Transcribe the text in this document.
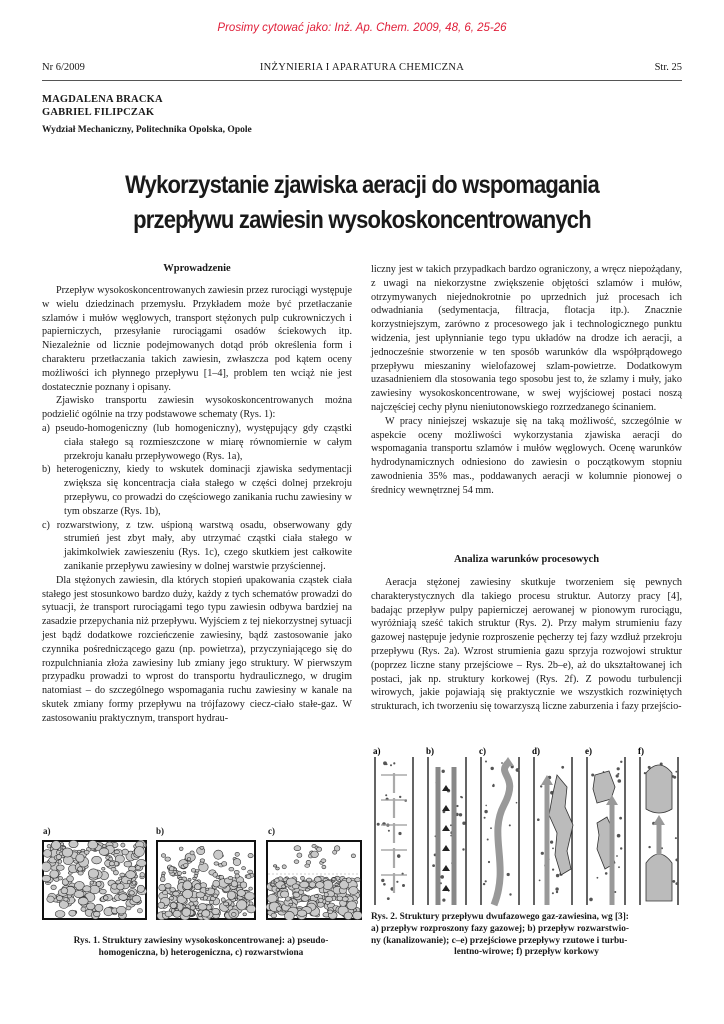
Prosimy cytować jako: Inż. Ap. Chem. 2009, 48, 6, 25-26
Nr 6/2009	INŻYNIERIA I APARATURA CHEMICZNA	Str. 25
MAGDALENA BRACKA
GABRIEL FILIPCZAK
Wydział Mechaniczny, Politechnika Opolska, Opole
Wykorzystanie zjawiska aeracji do wspomagania
przepływu zawiesin wysokoskoncentrowanych
Wprowadzenie

Przepływ wysokoskoncentrowanych zawiesin przez rurociągi występuje w wielu dziedzinach przemysłu. Przykładem może być przetłaczanie szlamów i mułów węglowych, transport stężonych pulp cukrowniczych i papierniczych, przesyłanie rurociągami osadów ściekowych itp. Niezależnie od licznie podejmowanych dotąd prób określenia form i charakteru przetłaczania takich zawiesin, zwłaszcza pod kątem oceny możliwości ich płynnego przepływu [1–4], problem ten wciąż nie jest dostatecznie poznany i opisany.

Zjawisko transportu zawiesin wysokoskoncentrowanych można podzielić ogólnie na trzy podstawowe schematy (Rys. 1):

a) pseudo-homogeniczny (lub homogeniczny), występujący gdy cząstki ciała stałego są rozmieszczone w miarę równomiernie w całym przekroju kanału przepływowego (Rys. 1a),

b) heterogeniczny, kiedy to wskutek dominacji zjawiska sedymentacji zwiększa się koncentracja ciała stałego w części dolnej przekroju przepływu, co prowadzi do częściowego zanikania ruchu zawiesiny w tym obszarze (Rys. 1b),

c) rozwarstwiony, z tzw. uśpioną warstwą osadu, obserwowany gdy strumień jest zbyt mały, aby utrzymać cząstki ciała stałego w jakimkolwiek zawieszeniu (Rys. 1c), czego skutkiem jest całkowite zanikanie przepływu zawiesiny w dolnej warstwie przyściennej.

Dla stężonych zawiesin, dla których stopień upakowania cząstek ciała stałego jest stosunkowo bardzo duży, każdy z tych schematów prowadzi do sytuacji, że transport rurociągami tego typu zawiesin odbywa bardziej na zasadzie przepychania niż przepływu. Wyjściem z tej niekorzystnej sytuacji jest bądź dodatkowe rozcieńczenie zawiesiny, bądź zastosowanie jako czynnika pośredniczącego gazu (np. powietrza), przyczyniającego się do rozpulchniania złoża zawiesiny lub zmiany jego struktury. W pierwszym przypadku prowadzi to wprost do transportu hydraulicznego, w drugim natomiast – do szczególnego wspomagania ruchu zawiesiny w kanale na skutek zmiany formy przepływu na trójfazowy ciecz-ciało stałe-gaz. W zastosowaniu praktycznym, transport hydrau-

a)	b)	c)
Rys. 1. Struktury zawiesiny wysokoskoncentrowanej: a) pseudo-
homogeniczna, b) heterogeniczna, c) rozwarstwiona

liczny jest w takich przypadkach bardzo ograniczony, a wręcz niepożądany, z uwagi na niekorzystne zwiększenie objętości szlamów i mułów, otrzymywanych niejednokrotnie po uprzednich już procesach ich odwadniania (sedymentacja, filtracja, flotacja itp.). Znacznie korzystniejszym, zarówno z procesowego jak i technologicznego punktu widzenia, jest upłynnianie tego typu układów na drodze ich aeracji, a jednocześnie stworzenie w ten sposób warunków dla współprądowego przepływu mieszaniny wielofazowej szlam-powietrze. Dodatkowym uzasadnieniem dla stosowania tego sposobu jest to, że szlamy i muły, jako zawiesiny wysokoskoncentrowane, w swej wyjściowej postaci noszą najczęściej cechy płynu nieniutonowskiego rozrzedzanego ścinaniem.

W pracy niniejszej wskazuje się na taką możliwość, szczególnie w aspekcie oceny możliwości wykorzystania zjawiska aeracji do wspomagania transportu szlamów i mułów węglowych. Ocenę warunków hydrodynamicznych odniesiono do zawiesin o początkowym stopniu zawodnienia 35% mas., poddawanych aeracji w kolumnie pionowej o średnicy wewnętrznej 54 mm.

Analiza warunków procesowych

Aeracja stężonej zawiesiny skutkuje tworzeniem się pewnych charakterystycznych dla takiego procesu struktur. Autorzy pracy [4], badając przepływ pulpy papierniczej aerowanej w pionowym rurociągu, wyróżniają sześć takich struktur (Rys. 2). Przy małym strumieniu fazy gazowej następuje jedynie rozproszenie pęcherzy tej fazy wzdłuż przekroju przepływu (Rys. 2a). Wzrost strumienia gazu sprzyja rozwojowi struktur (poprzez liczne stany przejściowe – Rys. 2b–e), aż do ukształtowanej ich postaci, jak np. struktury korkowej (Rys. 2f). Z powodu turbulencji wirowych, jakie pojawiają się praktycznie we wszystkich rozwiniętych strukturach, ich tworzeniu się towarzyszą liczne zaburzenia i fazy przejścio-

a)	b)	c)	d)	e)	f)
Rys. 2. Struktury przepływu dwufazowego gaz-zawiesina, wg [3]:
a) przepływ rozproszony fazy gazowej; b) przepływ rozwarstwio-
ny (kanalizowanie); c–e) przejściowe przepływy rzutowe i turbu-
lentno-wirowe; f) przepływ korkowy
